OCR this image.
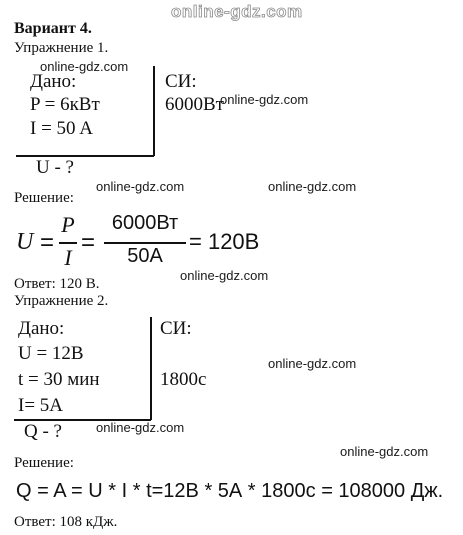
online-gdz.com
Вариант 4.
Упражнение 1.
online-gdz.com
Дано:
P = 6кВт
I = 50 A
СИ:
6000Вт
U - ?
online-gdz.com
online-gdz.com	online-gdz.com
Решение:
U =
P
I
=
6000Вт
50A
= 120В
online-gdz.com
Ответ: 120 В.
Упражнение 2.
Дано:
U = 12В
t = 30 мин
I= 5A
СИ:
1800с
Q - ?
online-gdz.com
online-gdz.com
online-gdz.com
Решение:
Q = A = U * I * t=12В * 5А * 1800с = 108000 Дж.
Ответ: 108 кДж.
